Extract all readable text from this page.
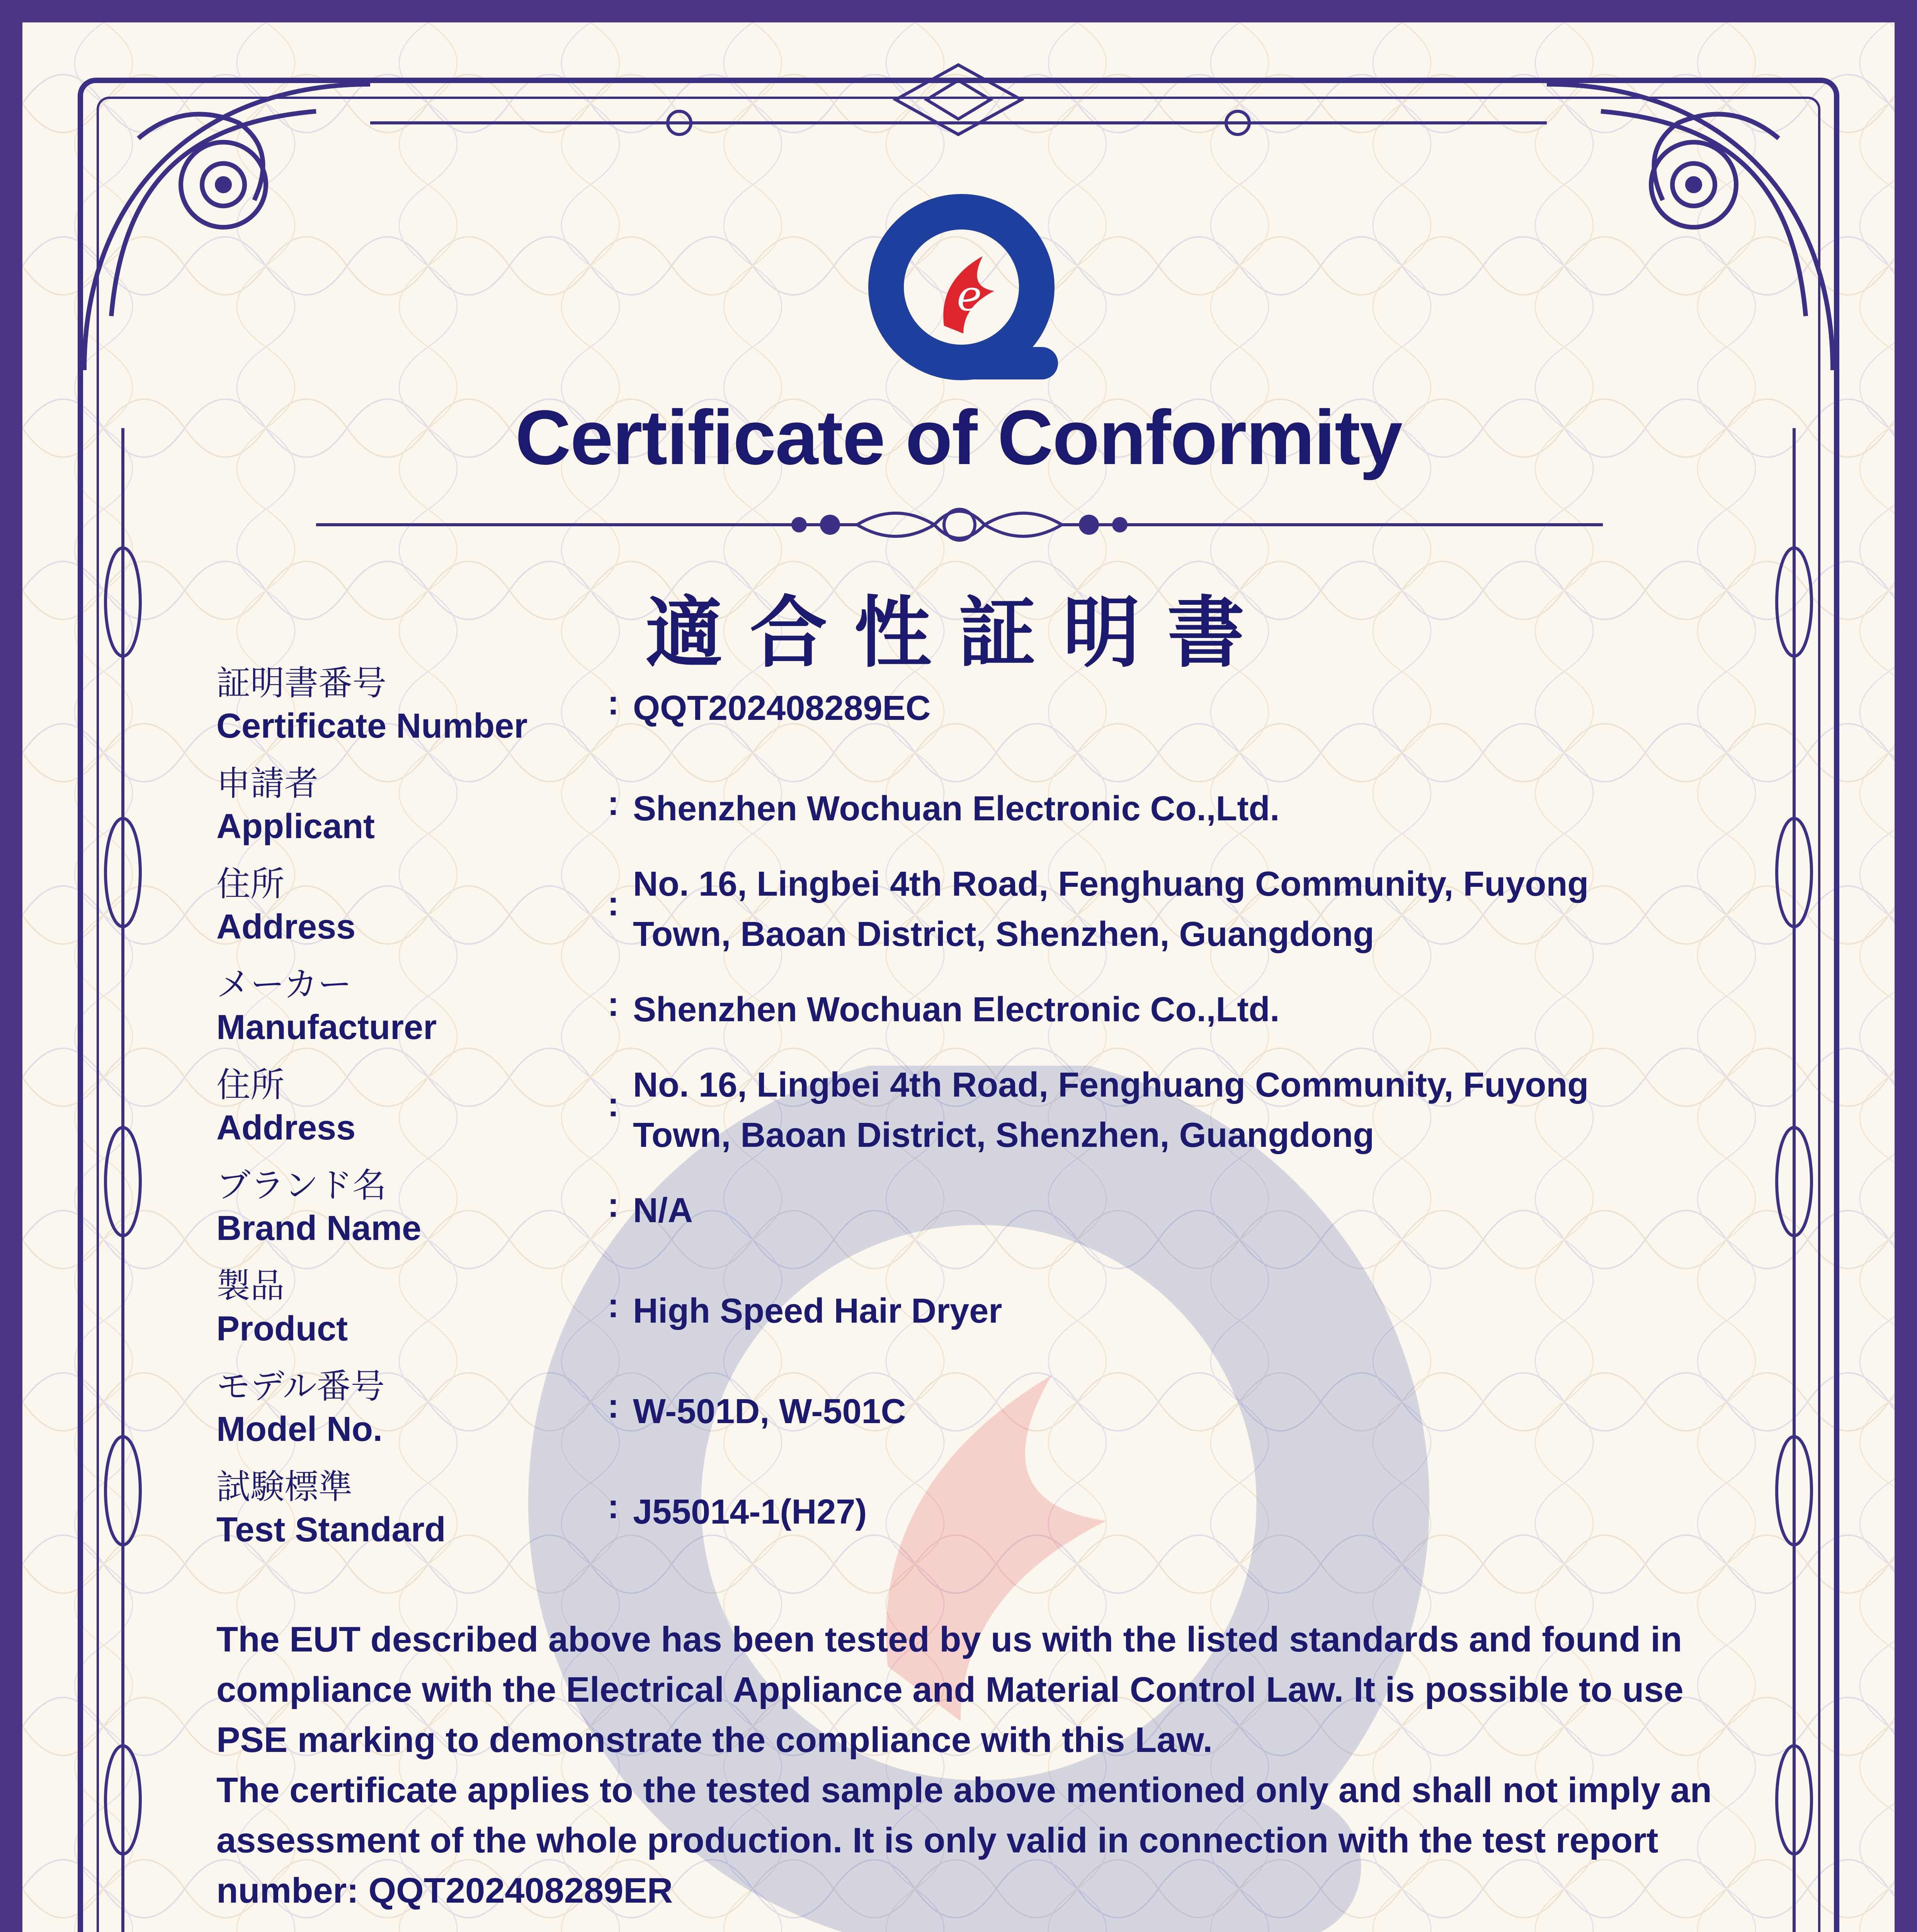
e
Certificate of Conformity
適合性証明書
証明書番号
Certificate Number
: QQT202408289EC
申請者
Applicant
: Shenzhen Wochuan Electronic Co.,Ltd.
住所
Address
:
No. 16, Lingbei 4th Road, Fenghuang Community, Fuyong Town, Baoan District, Shenzhen, Guangdong
メーカー
Manufacturer
: Shenzhen Wochuan Electronic Co.,Ltd.
住所
Address
:
No. 16, Lingbei 4th Road, Fenghuang Community, Fuyong Town, Baoan District, Shenzhen, Guangdong
ブランド名
Brand Name
: N/A
製品
Product
: High Speed Hair Dryer
モデル番号
Model No.
: W-501D, W-501C
試験標準
Test Standard
: J55014-1(H27)

The EUT described above has been tested by us with the listed standards and found in compliance with the Electrical Appliance and Material Control Law. It is possible to use PSE marking to demonstrate the compliance with this Law.

The certificate applies to the tested sample above mentioned only and shall not imply an assessment of the whole production. It is only valid in connection with the test report number: QQT202408289ER
